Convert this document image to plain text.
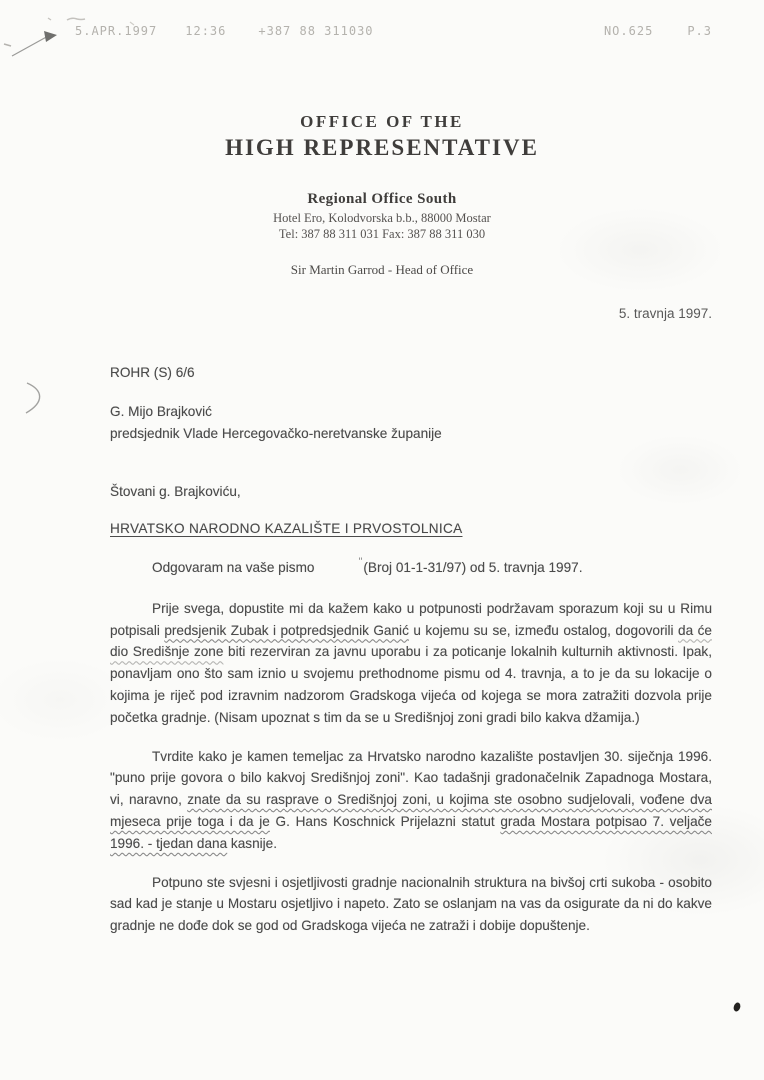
5.APR.1997 12:36	+387 88 311030	NO.625	P.3
OFFICE OF THE
HIGH REPRESENTATIVE
Regional Office South
Hotel Ero, Kolodvorska b.b., 88000 Mostar
Tel: 387 88 311 031 Fax: 387 88 311 030
Sir Martin Garrod - Head of Office
5. travnja 1997.
ROHR (S) 6/6
G. Mijo Brajković
predsjednik Vlade Hercegovačko-neretvanske županije
Štovani g. Brajkoviću,
HRVATSKO NARODNO KAZALIŠTE I PRVOSTOLNICA

Odgovaram na vaše pismo	"(Broj 01-1-31/97) od 5. travnja 1997.

Prije svega, dopustite mi da kažem kako u potpunosti podržavam sporazum koji su u Rimu potpisali predsjenik Zubak i potpredsjednik Ganić u kojemu su se, između ostalog, dogovorili da će dio Središnje zone biti rezerviran za javnu uporabu i za poticanje lokalnih kulturnih aktivnosti. Ipak, ponavljam ono što sam iznio u svojemu prethodnome pismu od 4. travnja, a to je da su lokacije o kojima je riječ pod izravnim nadzorom Gradskoga vijeća od kojega se mora zatražiti dozvola prije početka gradnje. (Nisam upoznat s tim da se u Središnjoj zoni gradi bilo kakva džamija.)

Tvrdite kako je kamen temeljac za Hrvatsko narodno kazalište postavljen 30. siječnja 1996. "puno prije govora o bilo kakvoj Središnjoj zoni". Kao tadašnji gradonačelnik Zapadnoga Mostara, vi, naravno, znate da su rasprave o Središnjoj zoni, u kojima ste osobno sudjelovali, vođene dva mjeseca prije toga i da je G. Hans Koschnick Prijelazni statut grada Mostara potpisao 7. veljače 1996. - tjedan dana kasnije.

Potpuno ste svjesni i osjetljivosti gradnje nacionalnih struktura na bivšoj crti sukoba - osobito sad kad je stanje u Mostaru osjetljivo i napeto. Zato se oslanjam na vas da osigurate da ni do kakve gradnje ne dođe dok se god od Gradskoga vijeća ne zatraži i dobije dopuštenje.
